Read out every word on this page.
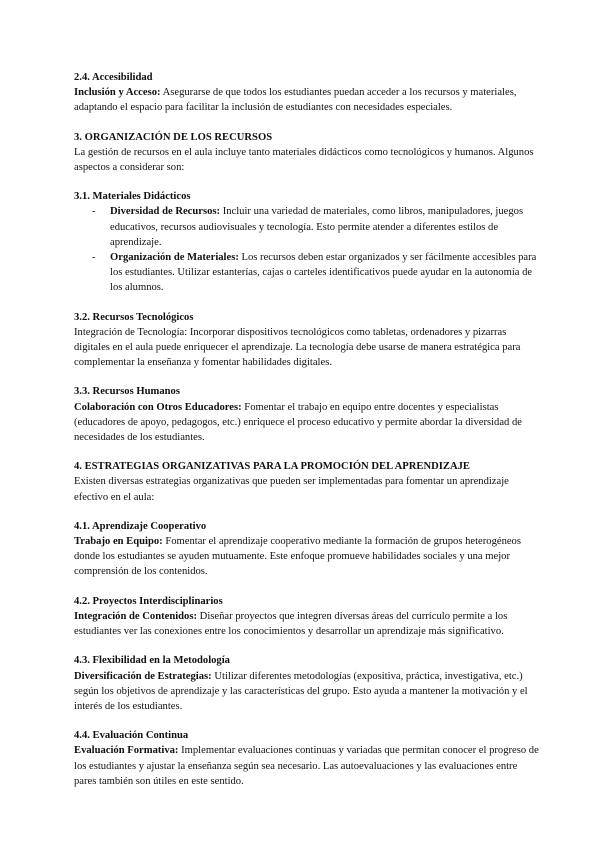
2.4. Accesibilidad

Inclusión y Acceso: Asegurarse de que todos los estudiantes puedan acceder a los recursos y materiales, adaptando el espacio para facilitar la inclusión de estudiantes con necesidades especiales.

3. ORGANIZACIÓN DE LOS RECURSOS

La gestión de recursos en el aula incluye tanto materiales didácticos como tecnológicos y humanos. Algunos aspectos a considerar son:

3.1. Materiales Didácticos

- Diversidad de Recursos: Incluir una variedad de materiales, como libros, manipuladores, juegos educativos, recursos audiovisuales y tecnología. Esto permite atender a diferentes estilos de aprendizaje.
- Organización de Materiales: Los recursos deben estar organizados y ser fácilmente accesibles para los estudiantes. Utilizar estanterías, cajas o carteles identificativos puede ayudar en la autonomía de los alumnos.

3.2. Recursos Tecnológicos

Integración de Tecnología: Incorporar dispositivos tecnológicos como tabletas, ordenadores y pizarras digitales en el aula puede enriquecer el aprendizaje. La tecnología debe usarse de manera estratégica para complementar la enseñanza y fomentar habilidades digitales.

3.3. Recursos Humanos

Colaboración con Otros Educadores: Fomentar el trabajo en equipo entre docentes y especialistas (educadores de apoyo, pedagogos, etc.) enriquece el proceso educativo y permite abordar la diversidad de necesidades de los estudiantes.

4. ESTRATEGIAS ORGANIZATIVAS PARA LA PROMOCIÓN DEL APRENDIZAJE

Existen diversas estrategias organizativas que pueden ser implementadas para fomentar un aprendizaje efectivo en el aula:

4.1. Aprendizaje Cooperativo

Trabajo en Equipo: Fomentar el aprendizaje cooperativo mediante la formación de grupos heterogéneos donde los estudiantes se ayuden mutuamente. Este enfoque promueve habilidades sociales y una mejor comprensión de los contenidos.

4.2. Proyectos Interdisciplinarios

Integración de Contenidos: Diseñar proyectos que integren diversas áreas del currículo permite a los estudiantes ver las conexiones entre los conocimientos y desarrollar un aprendizaje más significativo.

4.3. Flexibilidad en la Metodología

Diversificación de Estrategias: Utilizar diferentes metodologías (expositiva, práctica, investigativa, etc.) según los objetivos de aprendizaje y las características del grupo. Esto ayuda a mantener la motivación y el interés de los estudiantes.

4.4. Evaluación Continua

Evaluación Formativa: Implementar evaluaciones continuas y variadas que permitan conocer el progreso de los estudiantes y ajustar la enseñanza según sea necesario. Las autoevaluaciones y las evaluaciones entre pares también son útiles en este sentido.
